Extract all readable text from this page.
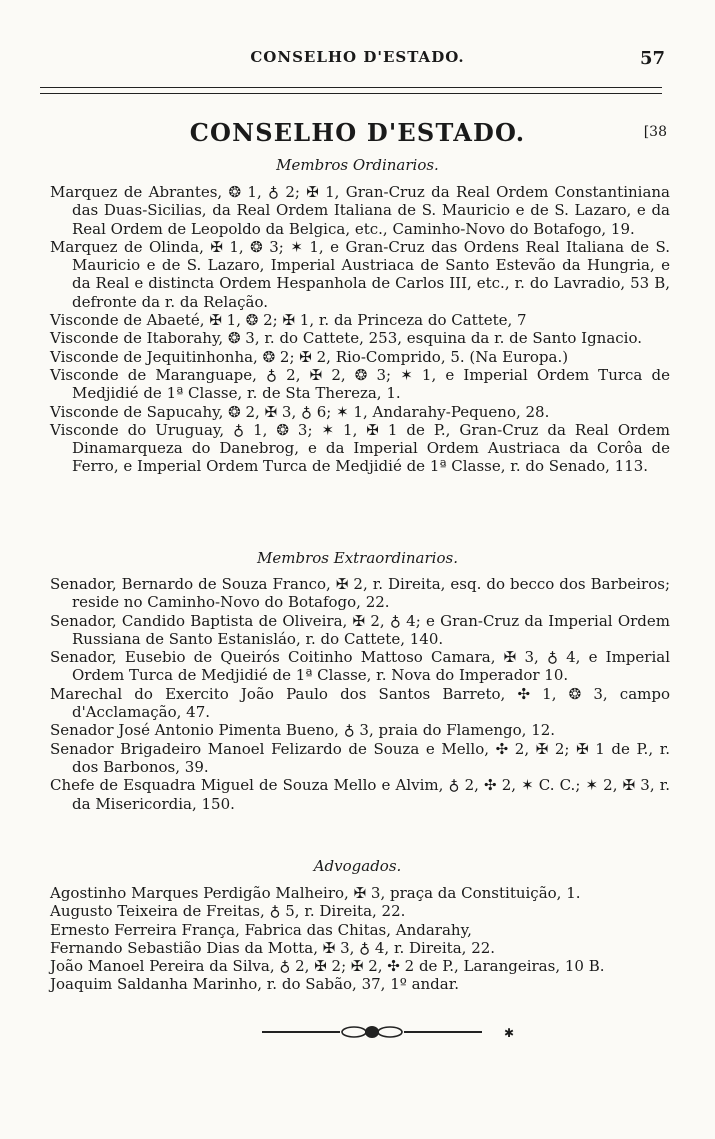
CONSELHO D'ESTADO.	57
CONSELHO D'ESTADO.	[38
Membros Ordinarios.
Marquez de Abrantes, ❂ 1, ♁ 2; ✠ 1, Gran-Cruz da Real Ordem Constantiniana das Duas-Sicilias, da Real Ordem Italiana de S. Mauricio e de S. Lazaro, e da Real Ordem de Leopoldo da Belgica, etc., Caminho-Novo do Botafogo, 19.
Marquez de Olinda, ✠ 1, ❂ 3; ✶ 1, e Gran-Cruz das Ordens Real Italiana de S. Mauricio e de S. Lazaro, Imperial Austriaca de Santo Estevão da Hungria, e da Real e distincta Ordem Hespanhola de Carlos III, etc., r. do Lavradio, 53 B, defronte da r. da Relação.
Visconde de Abaeté, ✠ 1, ❂ 2; ✠ 1, r. da Princeza do Cattete, 7
Visconde de Itaborahy, ❂ 3, r. do Cattete, 253, esquina da r. de Santo Ignacio.
Visconde de Jequitinhonha, ❂ 2; ✠ 2, Rio-Comprido, 5. (Na Europa.)
Visconde de Maranguape, ♁ 2, ✠ 2, ❂ 3; ✶ 1, e Imperial Ordem Turca de Medjidié de 1ª Classe, r. de Sta Thereza, 1.
Visconde de Sapucahy, ❂ 2, ✠ 3, ♁ 6; ✶ 1, Andarahy-Pequeno, 28.
Visconde do Uruguay, ♁ 1, ❂ 3; ✶ 1, ✠ 1 de P., Gran-Cruz da Real Ordem Dinamarqueza do Danebrog, e da Imperial Ordem Austriaca da Corôa de Ferro, e Imperial Ordem Turca de Medjidié de 1ª Classe, r. do Senado, 113.
Membros Extraordinarios.
Senador, Bernardo de Souza Franco, ✠ 2, r. Direita, esq. do becco dos Barbeiros; reside no Caminho-Novo do Botafogo, 22.
Senador, Candido Baptista de Oliveira, ✠ 2, ♁ 4; e Gran-Cruz da Imperial Ordem Russiana de Santo Estanisláo, r. do Cattete, 140.
Senador, Eusebio de Queirós Coitinho Mattoso Camara, ✠ 3, ♁ 4, e Imperial Ordem Turca de Medjidié de 1ª Classe, r. Nova do Imperador 10.
Marechal do Exercito João Paulo dos Santos Barreto, ✣ 1, ❂ 3, campo d'Acclamação, 47.
Senador José Antonio Pimenta Bueno, ♁ 3, praia do Flamengo, 12.
Senador Brigadeiro Manoel Felizardo de Souza e Mello, ✣ 2, ✠ 2; ✠ 1 de P., r. dos Barbonos, 39.
Chefe de Esquadra Miguel de Souza Mello e Alvim, ♁ 2, ✣ 2, ✶ C. C.; ✶ 2, ✠ 3, r. da Misericordia, 150.
Advogados.
Agostinho Marques Perdigão Malheiro, ✠ 3, praça da Constituição, 1.
Augusto Teixeira de Freitas, ♁ 5, r. Direita, 22.
Ernesto Ferreira França, Fabrica das Chitas, Andarahy,
Fernando Sebastião Dias da Motta, ✠ 3, ♁ 4, r. Direita, 22.
João Manoel Pereira da Silva, ♁ 2, ✠ 2; ✠ 2, ✣ 2 de P., Larangeiras, 10 B.
Joaquim Saldanha Marinho, r. do Sabão, 37, 1º andar.
✱
